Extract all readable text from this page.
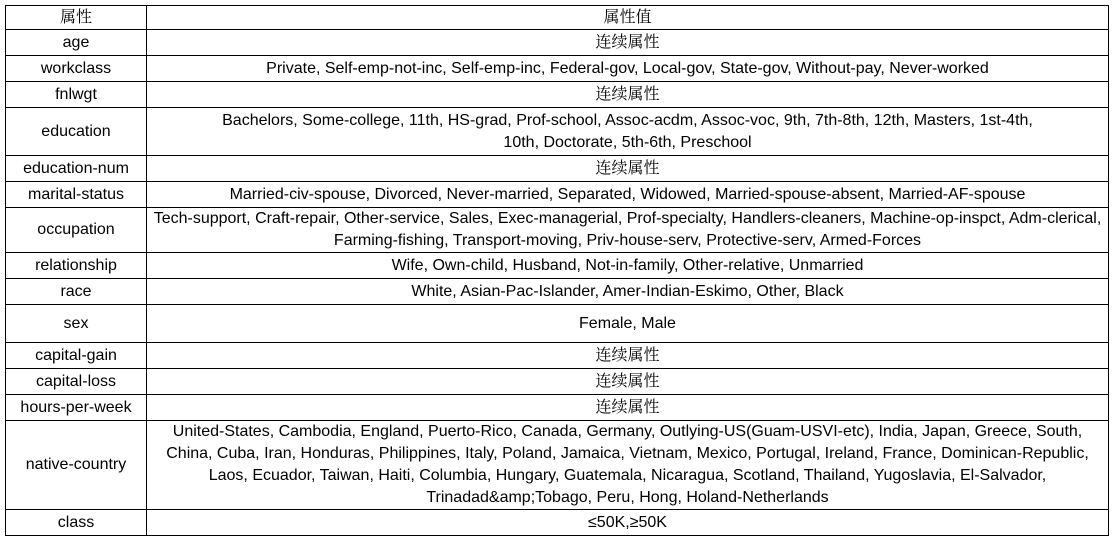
属性	属性值
age	连续属性
workclass	Private, Self-emp-not-inc, Self-emp-inc, Federal-gov, Local-gov, State-gov, Without-pay, Never-worked
fnlwgt	连续属性
education	Bachelors, Some-college, 11th, HS-grad, Prof-school, Assoc-acdm, Assoc-voc, 9th, 7th-8th, 12th, Masters, 1st-4th, 10th, Doctorate, 5th-6th, Preschool
education-num	连续属性
marital-status	Married-civ-spouse, Divorced, Never-married, Separated, Widowed, Married-spouse-absent, Married-AF-spouse
occupation	Tech-support, Craft-repair, Other-service, Sales, Exec-managerial, Prof-specialty, Handlers-cleaners, Machine-op-inspct, Adm-clerical, Farming-fishing, Transport-moving, Priv-house-serv, Protective-serv, Armed-Forces
relationship	Wife, Own-child, Husband, Not-in-family, Other-relative, Unmarried
race	White, Asian-Pac-Islander, Amer-Indian-Eskimo, Other, Black
sex	Female, Male
capital-gain	连续属性
capital-loss	连续属性
hours-per-week	连续属性
native-country	United-States, Cambodia, England, Puerto-Rico, Canada, Germany, Outlying-US(Guam-USVI-etc), India, Japan, Greece, South, China, Cuba, Iran, Honduras, Philippines, Italy, Poland, Jamaica, Vietnam, Mexico, Portugal, Ireland, France, Dominican-Republic, Laos, Ecuador, Taiwan, Haiti, Columbia, Hungary, Guatemala, Nicaragua, Scotland, Thailand, Yugoslavia, El-Salvador, Trinadad&amp;Tobago, Peru, Hong, Holand-Netherlands
class	≤50K,≥50K
